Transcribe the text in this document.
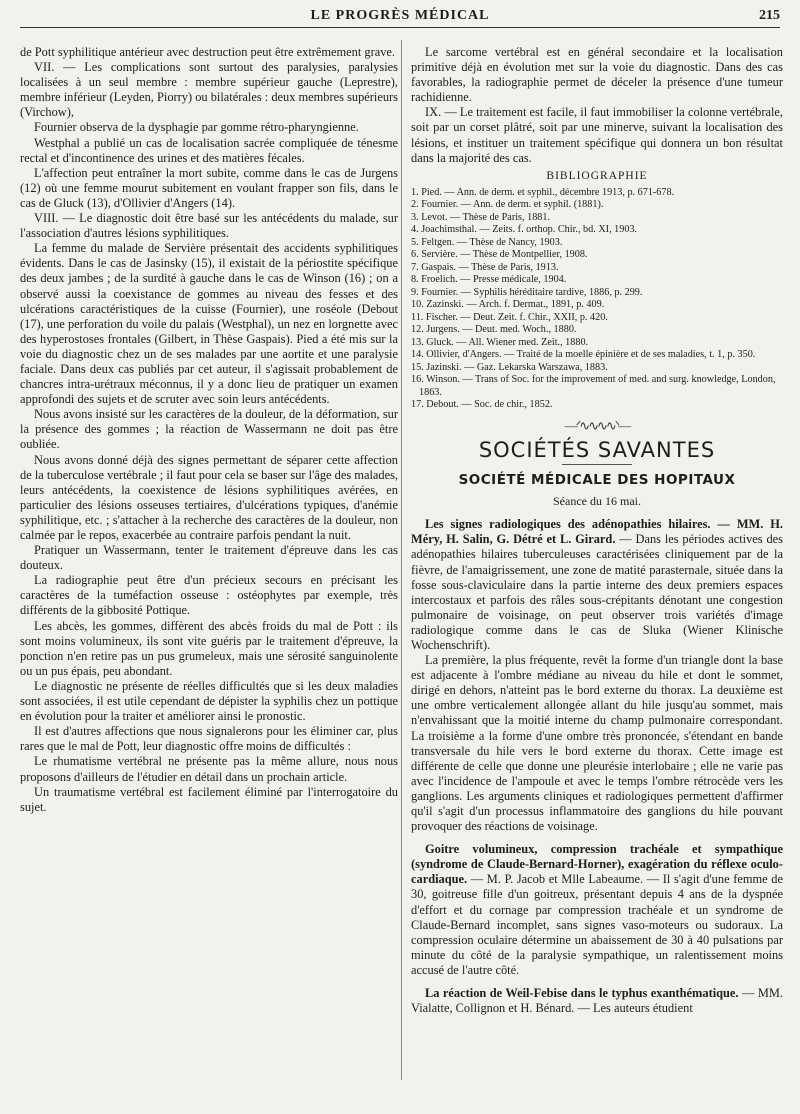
LE PROGRÈS MÉDICAL	215

de Pott syphilitique antérieur avec destruction peut être extrêmement grave.

VII. — Les complications sont surtout des paralysies, paralysies localisées à un seul membre : membre supérieur gauche (Leprestre), membre inférieur (Leyden, Piorry) ou bilatérales : deux membres supérieurs (Virchow),

Fournier observa de la dysphagie par gomme rétro-pharyngienne.

Westphal a publié un cas de localisation sacrée compliquée de ténesme rectal et d'incontinence des urines et des matières fécales.

L'affection peut entraîner la mort subite, comme dans le cas de Jurgens (12) où une femme mourut subitement en voulant frapper son fils, dans le cas de Gluck (13), d'Ollivier d'Angers (14).

VIII. — Le diagnostic doit être basé sur les antécédents du malade, sur l'association d'autres lésions syphilitiques.

La femme du malade de Servière présentait des accidents syphilitiques évidents. Dans le cas de Jasinsky (15), il existait de la périostite spécifique des deux jambes ; de la surdité à gauche dans le cas de Winson (16) ; on a observé aussi la coexistance de gommes au niveau des fesses et des ulcérations caractéristiques de la cuisse (Fournier), une roséole (Debout (17), une perforation du voile du palais (Westphal), un nez en lorgnette avec des hyperostoses frontales (Gilbert, in Thèse Gaspais). Pied a été mis sur la voie du diagnostic chez un de ses malades par une aortite et une paralysie faciale. Dans deux cas publiés par cet auteur, il s'agissait probablement de chancres intra-urétraux méconnus, il y a donc lieu de pratiquer un examen approfondi des sujets et de scruter avec soin leurs antécédents.

Nous avons insisté sur les caractères de la douleur, de la déformation, sur la présence des gommes ; la réaction de Wassermann ne doit pas être oubliée.

Nous avons donné déjà des signes permettant de séparer cette affection de la tuberculose vertébrale ; il faut pour cela se baser sur l'âge des malades, leurs antécédents, la coexistence de lésions syphilitiques avérées, en particulier des lésions osseuses tertiaires, d'ulcérations typiques, d'anémie syphilitique, etc. ; s'attacher à la recherche des caractères de la douleur, non calmée par le repos, exacerbée au contraire parfois pendant la nuit.

Pratiquer un Wassermann, tenter le traitement d'épreuve dans les cas douteux.

La radiographie peut être d'un précieux secours en précisant les caractères de la tuméfaction osseuse : ostéophytes par exemple, très différents de la gibbosité Pottique.

Les abcès, les gommes, diffèrent des abcès froids du mal de Pott : ils sont moins volumineux, ils sont vite guéris par le traitement d'épreuve, la ponction n'en retire pas un pus grumeleux, mais une sérosité sanguinolente ou un pus épais, peu abondant.

Le diagnostic ne présente de réelles difficultés que si les deux maladies sont associées, il est utile cependant de dépister la syphilis chez un pottique en évolution pour la traiter et améliorer ainsi le pronostic.

Il est d'autres affections que nous signalerons pour les éliminer car, plus rares que le mal de Pott, leur diagnostic offre moins de difficultés :

Le rhumatisme vertébral ne présente pas la même allure, nous nous proposons d'ailleurs de l'étudier en détail dans un prochain article.

Un traumatisme vertébral est facilement éliminé par l'interrogatoire du sujet.

Le sarcome vertébral est en général secondaire et la localisation primitive déjà en évolution met sur la voie du diagnostic. Dans des cas favorables, la radiographie permet de déceler la présence d'une tumeur rachidienne.

IX. — Le traitement est facile, il faut immobiliser la colonne vertébrale, soit par un corset plâtré, soit par une minerve, suivant la localisation des lésions, et instituer un traitement spécifique qui donnera un bon résultat dans la majorité des cas.

BIBLIOGRAPHIE
1. Pied. — Ann. de derm. et syphil., décembre 1913, p. 671-678.
2. Fournier. — Ann. de derm. et syphil. (1881).
3. Levot. — Thèse de Paris, 1881.
4. Joachimsthal. — Zeits. f. orthop. Chir., bd. XI, 1903.
5. Feltgen. — Thèse de Nancy, 1903.
6. Servière. — Thèse de Montpellier, 1908.
7. Gaspais. — Thèse de Paris, 1913.
8. Froelich. — Presse médicale, 1904.
9. Fournier. — Syphilis héréditaire tardive, 1886, p. 299.
10. Zazinski. — Arch. f. Dermat., 1891, p. 409.
11. Fischer. — Deut. Zeit. f. Chir., XXII, p. 420.
12. Jurgens. — Deut. med. Woch., 1880.
13. Gluck. — All. Wiener med. Zeit., 1880.
14. Ollivier, d'Angers. — Traité de la moelle épinière et de ses maladies, t. 1, p. 350.
15. Jazinski. — Gaz. Lekarska Warszawa, 1883.
16. Winson. — Trans of Soc. for the improvement of med. and surg. knowledge, London, 1863.
17. Debout. — Soc. de chir., 1852.
—ᐟ∿∿∿∿ᐠ—
SOCIÉTÉS SAVANTES
SOCIÉTÉ MÉDICALE DES HOPITAUX
Séance du 16 mai.

Les signes radiologiques des adénopathies hilaires. — MM. H. Méry, H. Salin, G. Détré et L. Girard. — Dans les périodes actives des adénopathies hilaires tuberculeuses caractérisées cliniquement par de la fièvre, de l'amaigrissement, une zone de matité parasternale, située dans la fosse sous-claviculaire dans la partie interne des deux premiers espaces intercostaux et parfois des râles sous-crépitants dénotant une congestion pulmonaire de voisinage, on peut observer trois variétés d'image radiologique comme dans le cas de Sluka (Wiener Klinische Wochenschrift).

La première, la plus fréquente, revêt la forme d'un triangle dont la base est adjacente à l'ombre médiane au niveau du hile et dont le sommet, dirigé en dehors, n'atteint pas le bord externe du thorax. La deuxième est une ombre verticalement allongée allant du hile jusqu'au sommet, mais n'envahissant que la moitié interne du champ pulmonaire correspondant. La troisième a la forme d'une ombre très prononcée, s'étendant en bande transversale du hile vers le bord externe du thorax. Cette image est différente de celle que donne une pleurésie interlobaire ; elle ne varie pas avec l'incidence de l'ampoule et avec le temps l'ombre rétrocède vers les ganglions. Les arguments cliniques et radiologiques permettent d'affirmer qu'il s'agit d'un processus inflammatoire des ganglions du hile pouvant provoquer des réactions de voisinage.

Goitre volumineux, compression trachéale et sympathique (syndrome de Claude-Bernard-Horner), exagération du réflexe oculo-cardiaque. — M. P. Jacob et Mlle Labeaume. — Il s'agit d'une femme de 30, goitreuse fille d'un goitreux, présentant depuis 4 ans de la dyspnée d'effort et du cornage par compression trachéale et un syndrome de Claude-Bernard incomplet, sans signes vaso-moteurs ou sudoraux. La compression oculaire détermine un abaissement de 30 à 40 pulsations par minute du côté de la paralysie sympathique, un ralentissement moins accusé de l'autre côté.

La réaction de Weil-Febise dans le typhus exanthématique. — MM. Vialatte, Collignon et H. Bénard. — Les auteurs étudient
